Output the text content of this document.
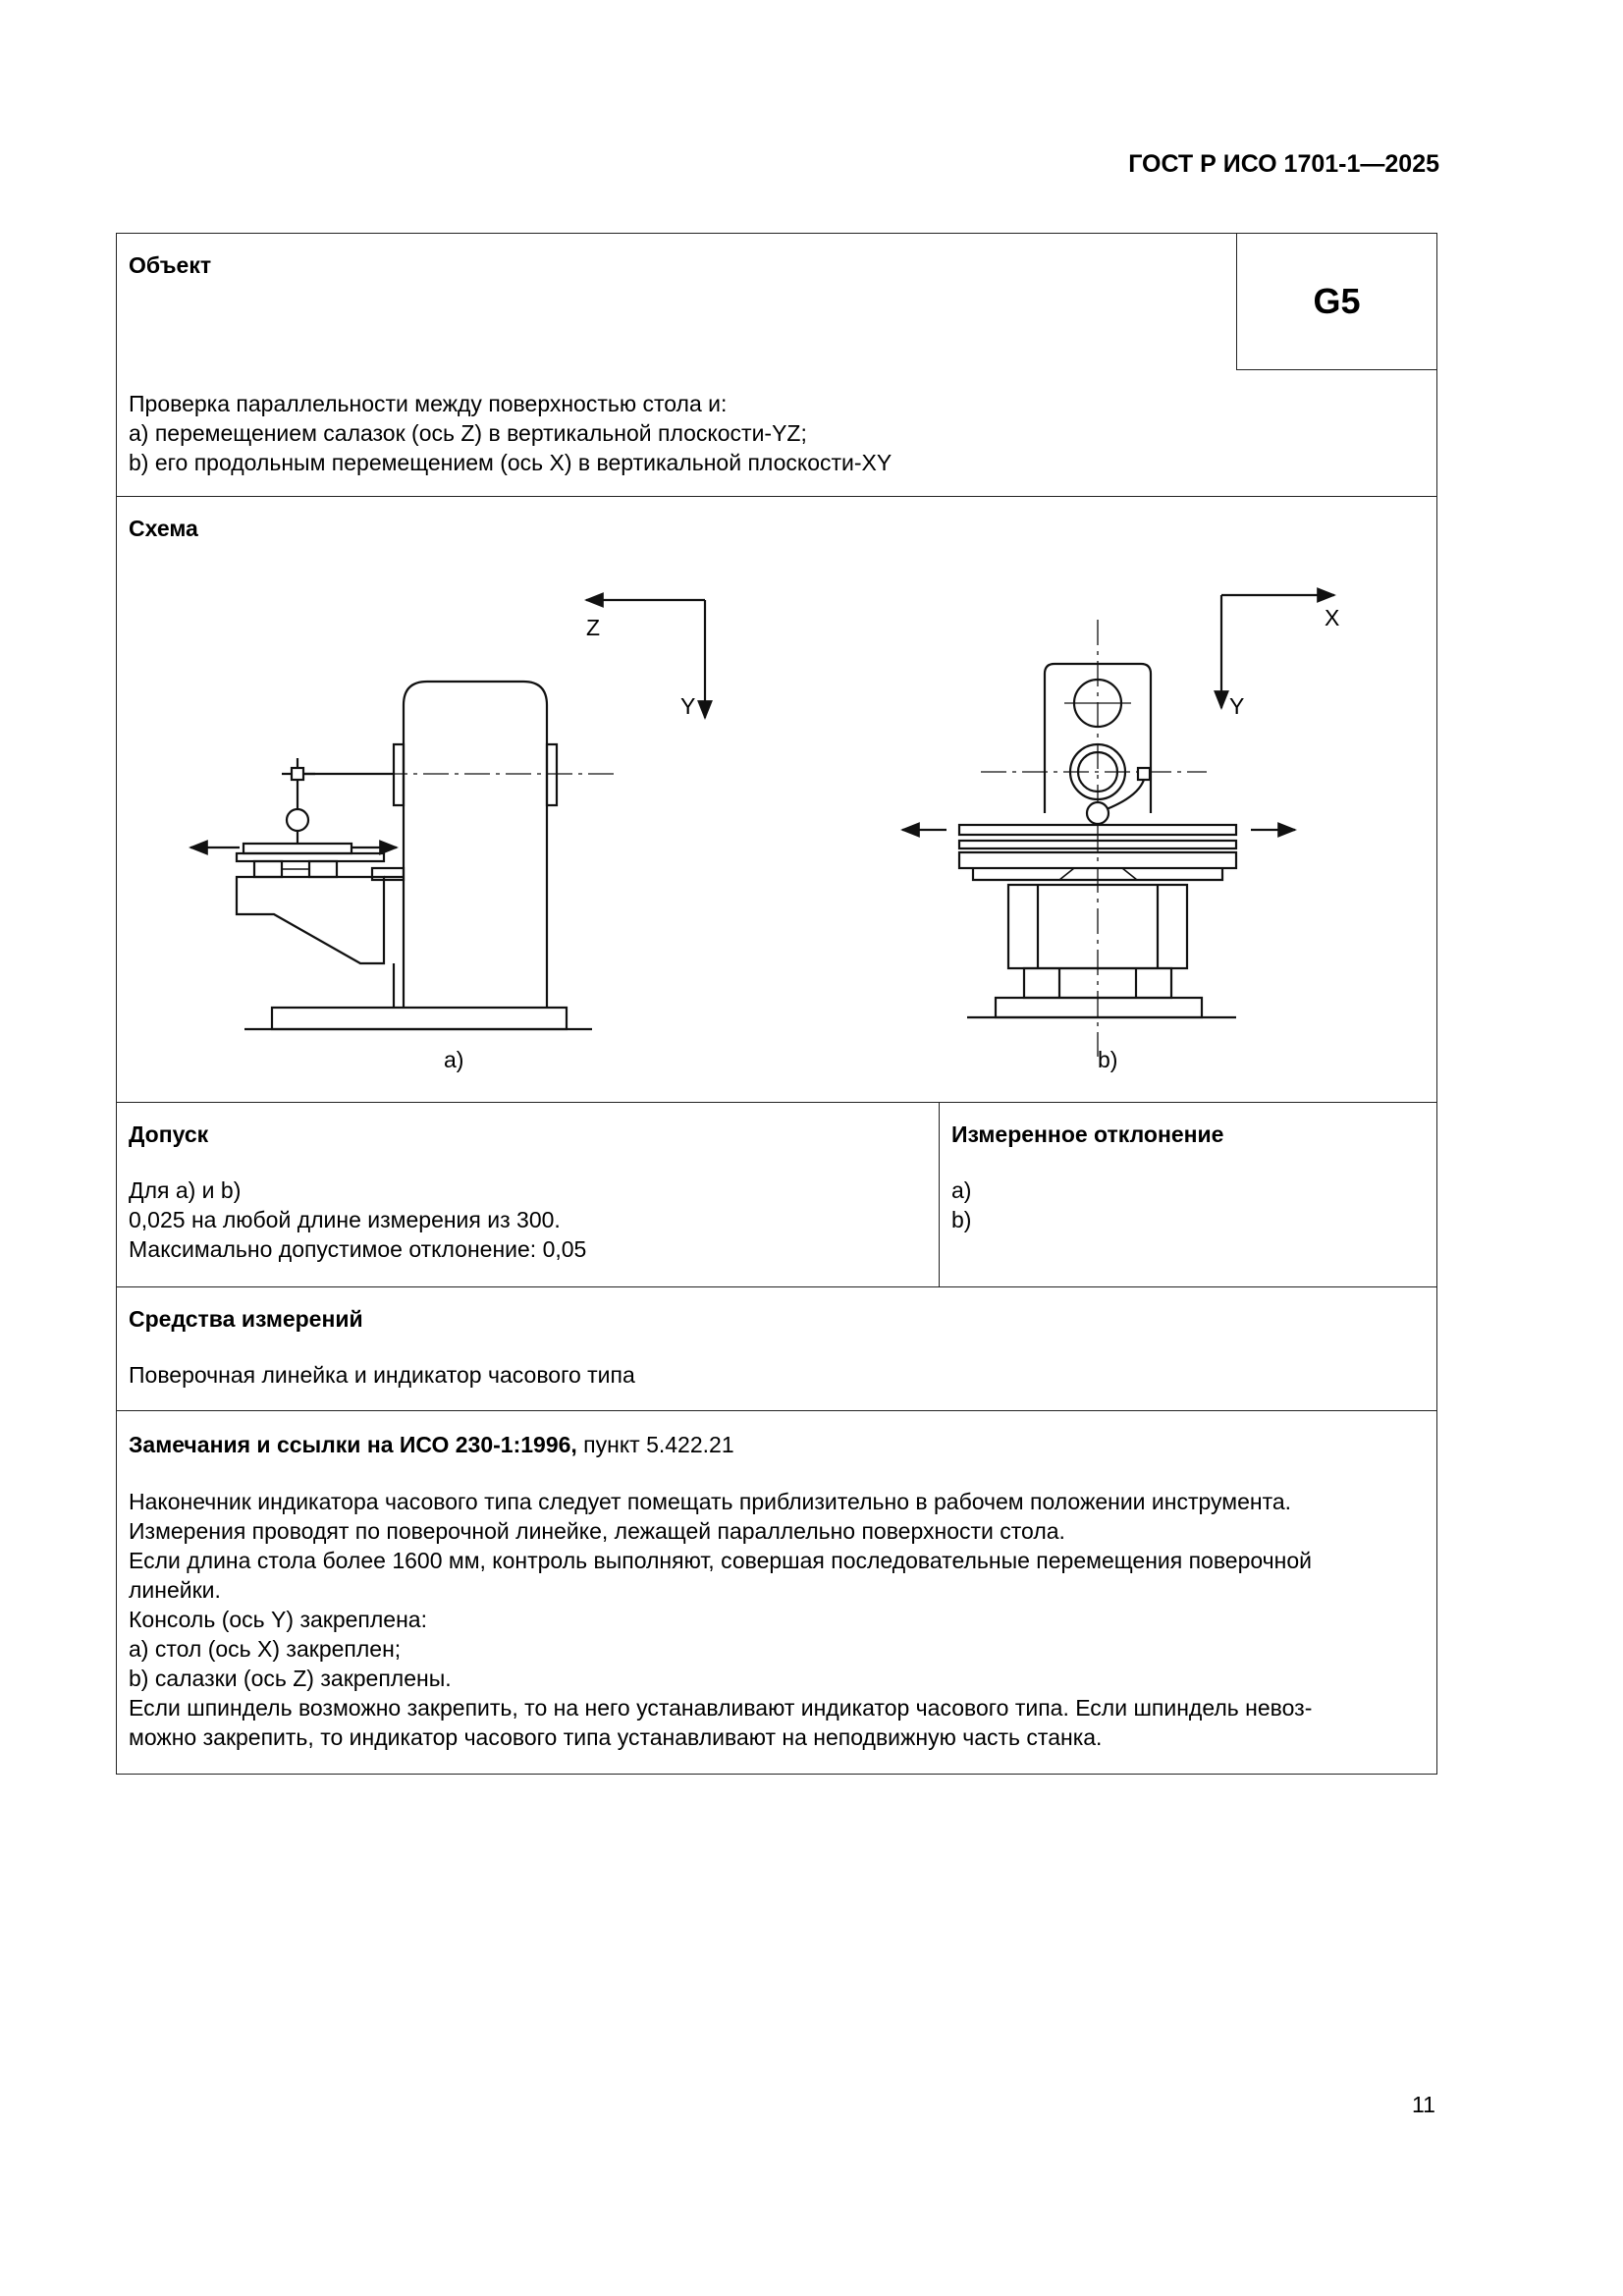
ГОСТ Р ИСО 1701-1—2025
Объект
G5
Проверка параллельности между поверхностью стола и:
a) перемещением салазок (ось Z) в вертикальной плоскости-YZ;
b) его продольным перемещением (ось X) в вертикальной плоскости-XY
Схема
Z
Y
X
Y
a)	b)
Допуск
Для a) и b)
0,025 на любой длине измерения из 300.
Максимально допустимое отклонение: 0,05
Измеренное отклонение
a)
b)
Средства измерений
Поверочная линейка и индикатор часового типа
Замечания и ссылки на ИСО 230-1:1996, пункт 5.422.21
Наконечник индикатора часового типа следует помещать приблизительно в рабочем положении инструмента.
Измерения проводят по поверочной линейке, лежащей параллельно поверхности стола.
Если длина стола более 1600 мм, контроль выполняют, совершая последовательные перемещения поверочной
линейки.
Консоль (ось Y) закреплена:
a) стол (ось X) закреплен;
b) салазки (ось Z) закреплены.
Если шпиндель возможно закрепить, то на него устанавливают индикатор часового типа. Если шпиндель невоз-
можно закрепить, то индикатор часового типа устанавливают на неподвижную часть станка.
11
